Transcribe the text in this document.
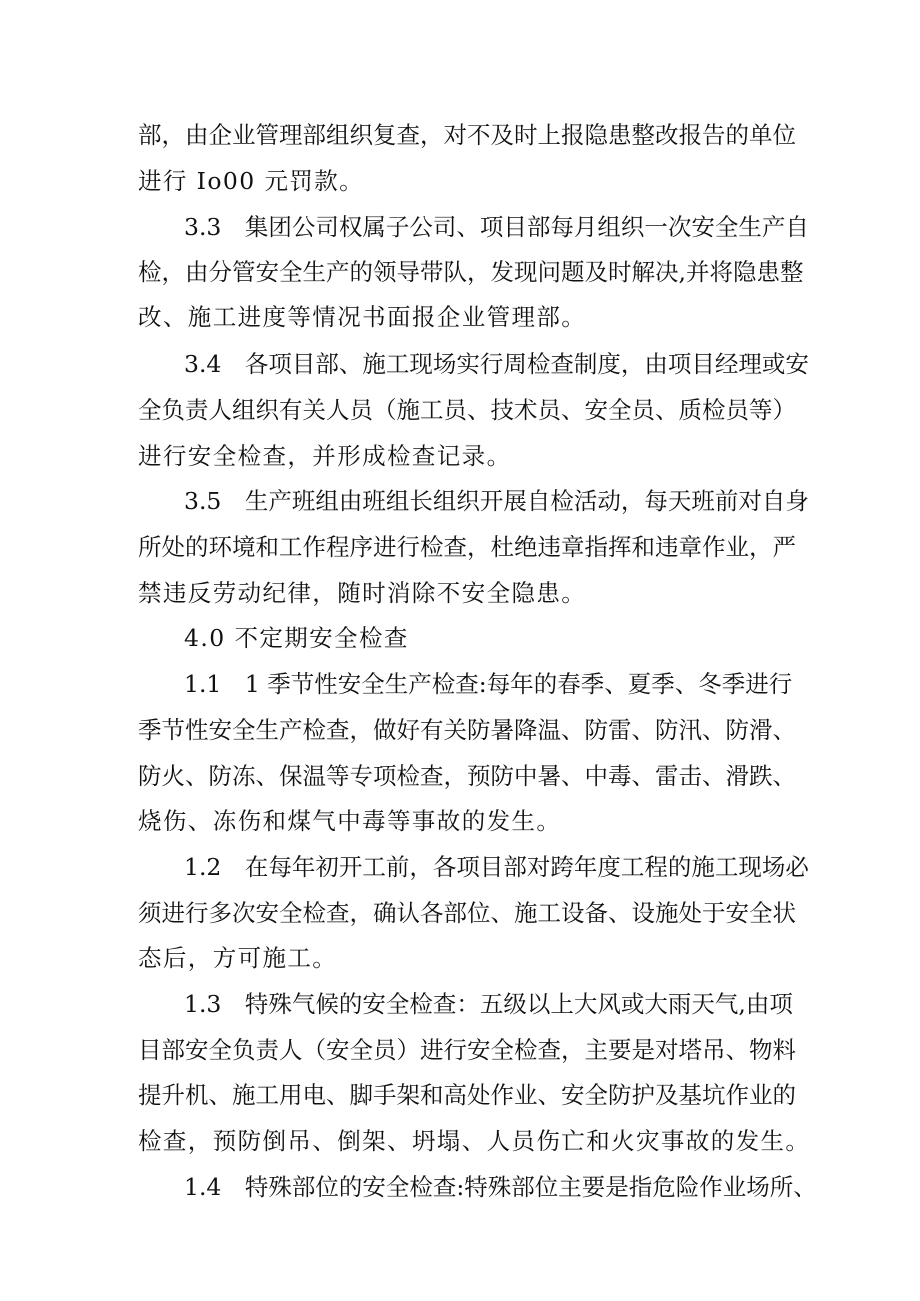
部，由企业管理部组织复查，对不及时上报隐患整改报告的单位
进行 Io00 元罚款。
3.3　集团公司权属子公司、项目部每月组织一次安全生产自
检，由分管安全生产的领导带队，发现问题及时解决,并将隐患整
改、施工进度等情况书面报企业管理部。
3.4　各项目部、施工现场实行周检查制度，由项目经理或安
全负责人组织有关人员（施工员、技术员、安全员、质检员等）
进行安全检查，并形成检查记录。
3.5　生产班组由班组长组织开展自检活动，每天班前对自身
所处的环境和工作程序进行检查，杜绝违章指挥和违章作业，严
禁违反劳动纪律，随时消除不安全隐患。
4.0 不定期安全检查
1.1　1 季节性安全生产检查:每年的春季、夏季、冬季进行
季节性安全生产检查，做好有关防暑降温、防雷、防汛、防滑、
防火、防冻、保温等专项检查，预防中暑、中毒、雷击、滑跌、
烧伤、冻伤和煤气中毒等事故的发生。
1.2　在每年初开工前，各项目部对跨年度工程的施工现场必
须进行多次安全检查，确认各部位、施工设备、设施处于安全状
态后，方可施工。
1.3　特殊气候的安全检查：五级以上大风或大雨天气,由项
目部安全负责人（安全员）进行安全检查，主要是对塔吊、物料
提升机、施工用电、脚手架和高处作业、安全防护及基坑作业的
检查，预防倒吊、倒架、坍塌、人员伤亡和火灾事故的发生。
1.4　特殊部位的安全检查:特殊部位主要是指危险作业场所、
